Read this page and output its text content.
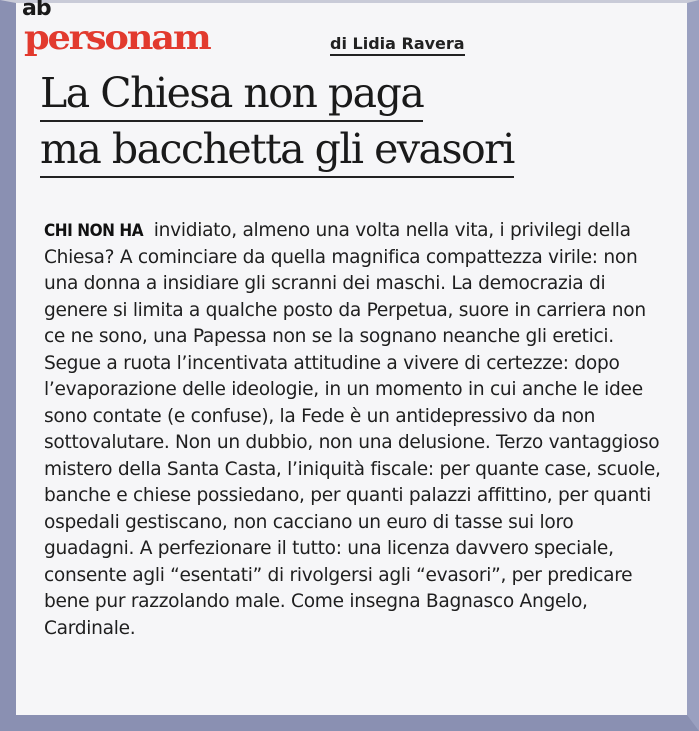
ab
personam	di Lidia Ravera
La Chiesa non paga
ma bacchetta gli evasori
CHI NON HA invidiato, almeno una volta nella vita, i privilegi della Chiesa? A cominciare da quella magnifica compattezza virile: non una donna a insidiare gli scranni dei maschi. La democrazia di genere si limita a qualche posto da Perpetua, suore in carriera non ce ne sono, una Papessa non se la sognano neanche gli eretici. Segue a ruota l’incentivata attitudine a vivere di certezze: dopo l’evaporazione delle ideologie, in un momento in cui anche le idee sono contate (e confuse), la Fede è un antidepressivo da non sottovalutare. Non un dubbio, non una delusione. Terzo vantaggioso mistero della Santa Casta, l’iniquità fiscale: per quante case, scuole, banche e chiese possiedano, per quanti palazzi affittino, per quanti ospedali gestiscano, non cacciano un euro di tasse sui loro guadagni. A perfezionare il tutto: una licenza davvero speciale, consente agli “esentati” di rivolgersi agli “evasori”, per predicare bene pur razzolando male. Come insegna Bagnasco Angelo, Cardinale.
